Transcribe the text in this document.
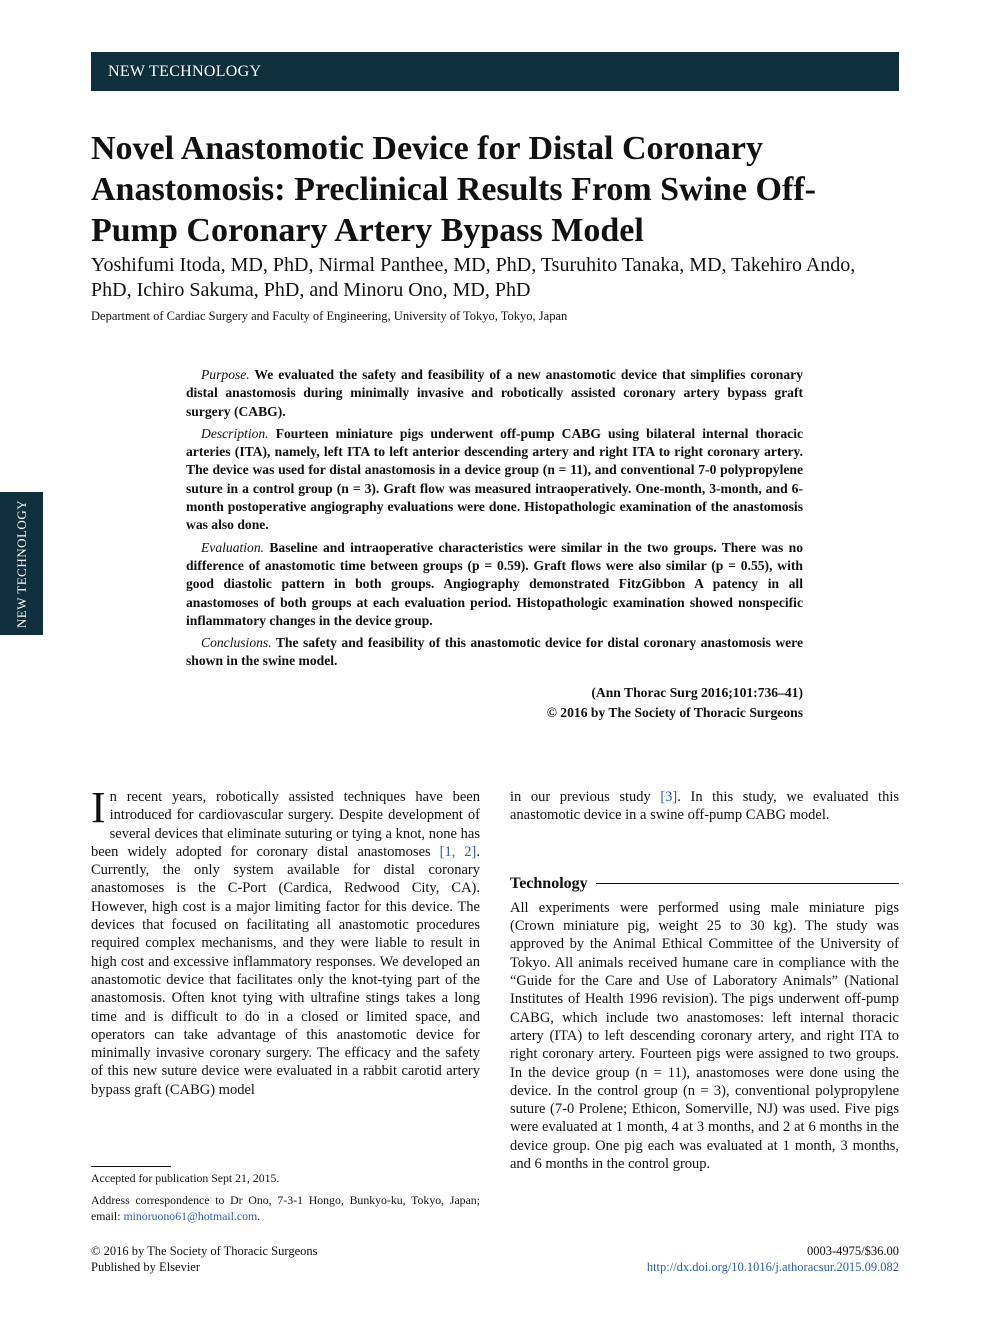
NEW TECHNOLOGY
NEW TECHNOLOGY
Novel Anastomotic Device for Distal Coronary Anastomosis: Preclinical Results From Swine Off-Pump Coronary Artery Bypass Model

Yoshifumi Itoda, MD, PhD, Nirmal Panthee, MD, PhD, Tsuruhito Tanaka, MD, Takehiro Ando, PhD, Ichiro Sakuma, PhD, and Minoru Ono, MD, PhD

Department of Cardiac Surgery and Faculty of Engineering, University of Tokyo, Tokyo, Japan

Purpose. We evaluated the safety and feasibility of a new anastomotic device that simplifies coronary distal anastomosis during minimally invasive and robotically assisted coronary artery bypass graft surgery (CABG).

Description. Fourteen miniature pigs underwent off-pump CABG using bilateral internal thoracic arteries (ITA), namely, left ITA to left anterior descending artery and right ITA to right coronary artery. The device was used for distal anastomosis in a device group (n = 11), and conventional 7-0 polypropylene suture in a control group (n = 3). Graft flow was measured intraoperatively. One-month, 3-month, and 6-month postoperative angiography evaluations were done. Histopathologic examination of the anastomosis was also done.

Evaluation. Baseline and intraoperative characteristics were similar in the two groups. There was no difference of anastomotic time between groups (p = 0.59). Graft flows were also similar (p = 0.55), with good diastolic pattern in both groups. Angiography demonstrated FitzGibbon A patency in all anastomoses of both groups at each evaluation period. Histopathologic examination showed nonspecific inflammatory changes in the device group.

Conclusions. The safety and feasibility of this anastomotic device for distal coronary anastomosis were shown in the swine model.

(Ann Thorac Surg 2016;101:736–41)
© 2016 by The Society of Thoracic Surgeons

In recent years, robotically assisted techniques have been introduced for cardiovascular surgery. Despite development of several devices that eliminate suturing or tying a knot, none has been widely adopted for coronary distal anastomoses [1, 2]. Currently, the only system available for distal coronary anastomoses is the C-Port (Cardica, Redwood City, CA). However, high cost is a major limiting factor for this device. The devices that focused on facilitating all anastomotic procedures required complex mechanisms, and they were liable to result in high cost and excessive inflammatory responses. We developed an anastomotic device that facilitates only the knot-tying part of the anastomosis. Often knot tying with ultrafine stings takes a long time and is difficult to do in a closed or limited space, and operators can take advantage of this anastomotic device for minimally invasive coronary surgery. The efficacy and the safety of this new suture device were evaluated in a rabbit carotid artery bypass graft (CABG) model

in our previous study [3]. In this study, we evaluated this anastomotic device in a swine off-pump CABG model.

Technology

All experiments were performed using male miniature pigs (Crown miniature pig, weight 25 to 30 kg). The study was approved by the Animal Ethical Committee of the University of Tokyo. All animals received humane care in compliance with the “Guide for the Care and Use of Laboratory Animals” (National Institutes of Health 1996 revision). The pigs underwent off-pump CABG, which include two anastomoses: left internal thoracic artery (ITA) to left descending coronary artery, and right ITA to right coronary artery. Fourteen pigs were assigned to two groups. In the device group (n = 11), anastomoses were done using the device. In the control group (n = 3), conventional polypropylene suture (7-0 Prolene; Ethicon, Somerville, NJ) was used. Five pigs were evaluated at 1 month, 4 at 3 months, and 2 at 6 months in the device group. One pig each was evaluated at 1 month, 3 months, and 6 months in the control group.

Accepted for publication Sept 21, 2015.

Address correspondence to Dr Ono, 7-3-1 Hongo, Bunkyo-ku, Tokyo, Japan; email: minoruono61@hotmail.com.

© 2016 by The Society of Thoracic Surgeons
Published by Elsevier
0003-4975/$36.00
http://dx.doi.org/10.1016/j.athoracsur.2015.09.082
